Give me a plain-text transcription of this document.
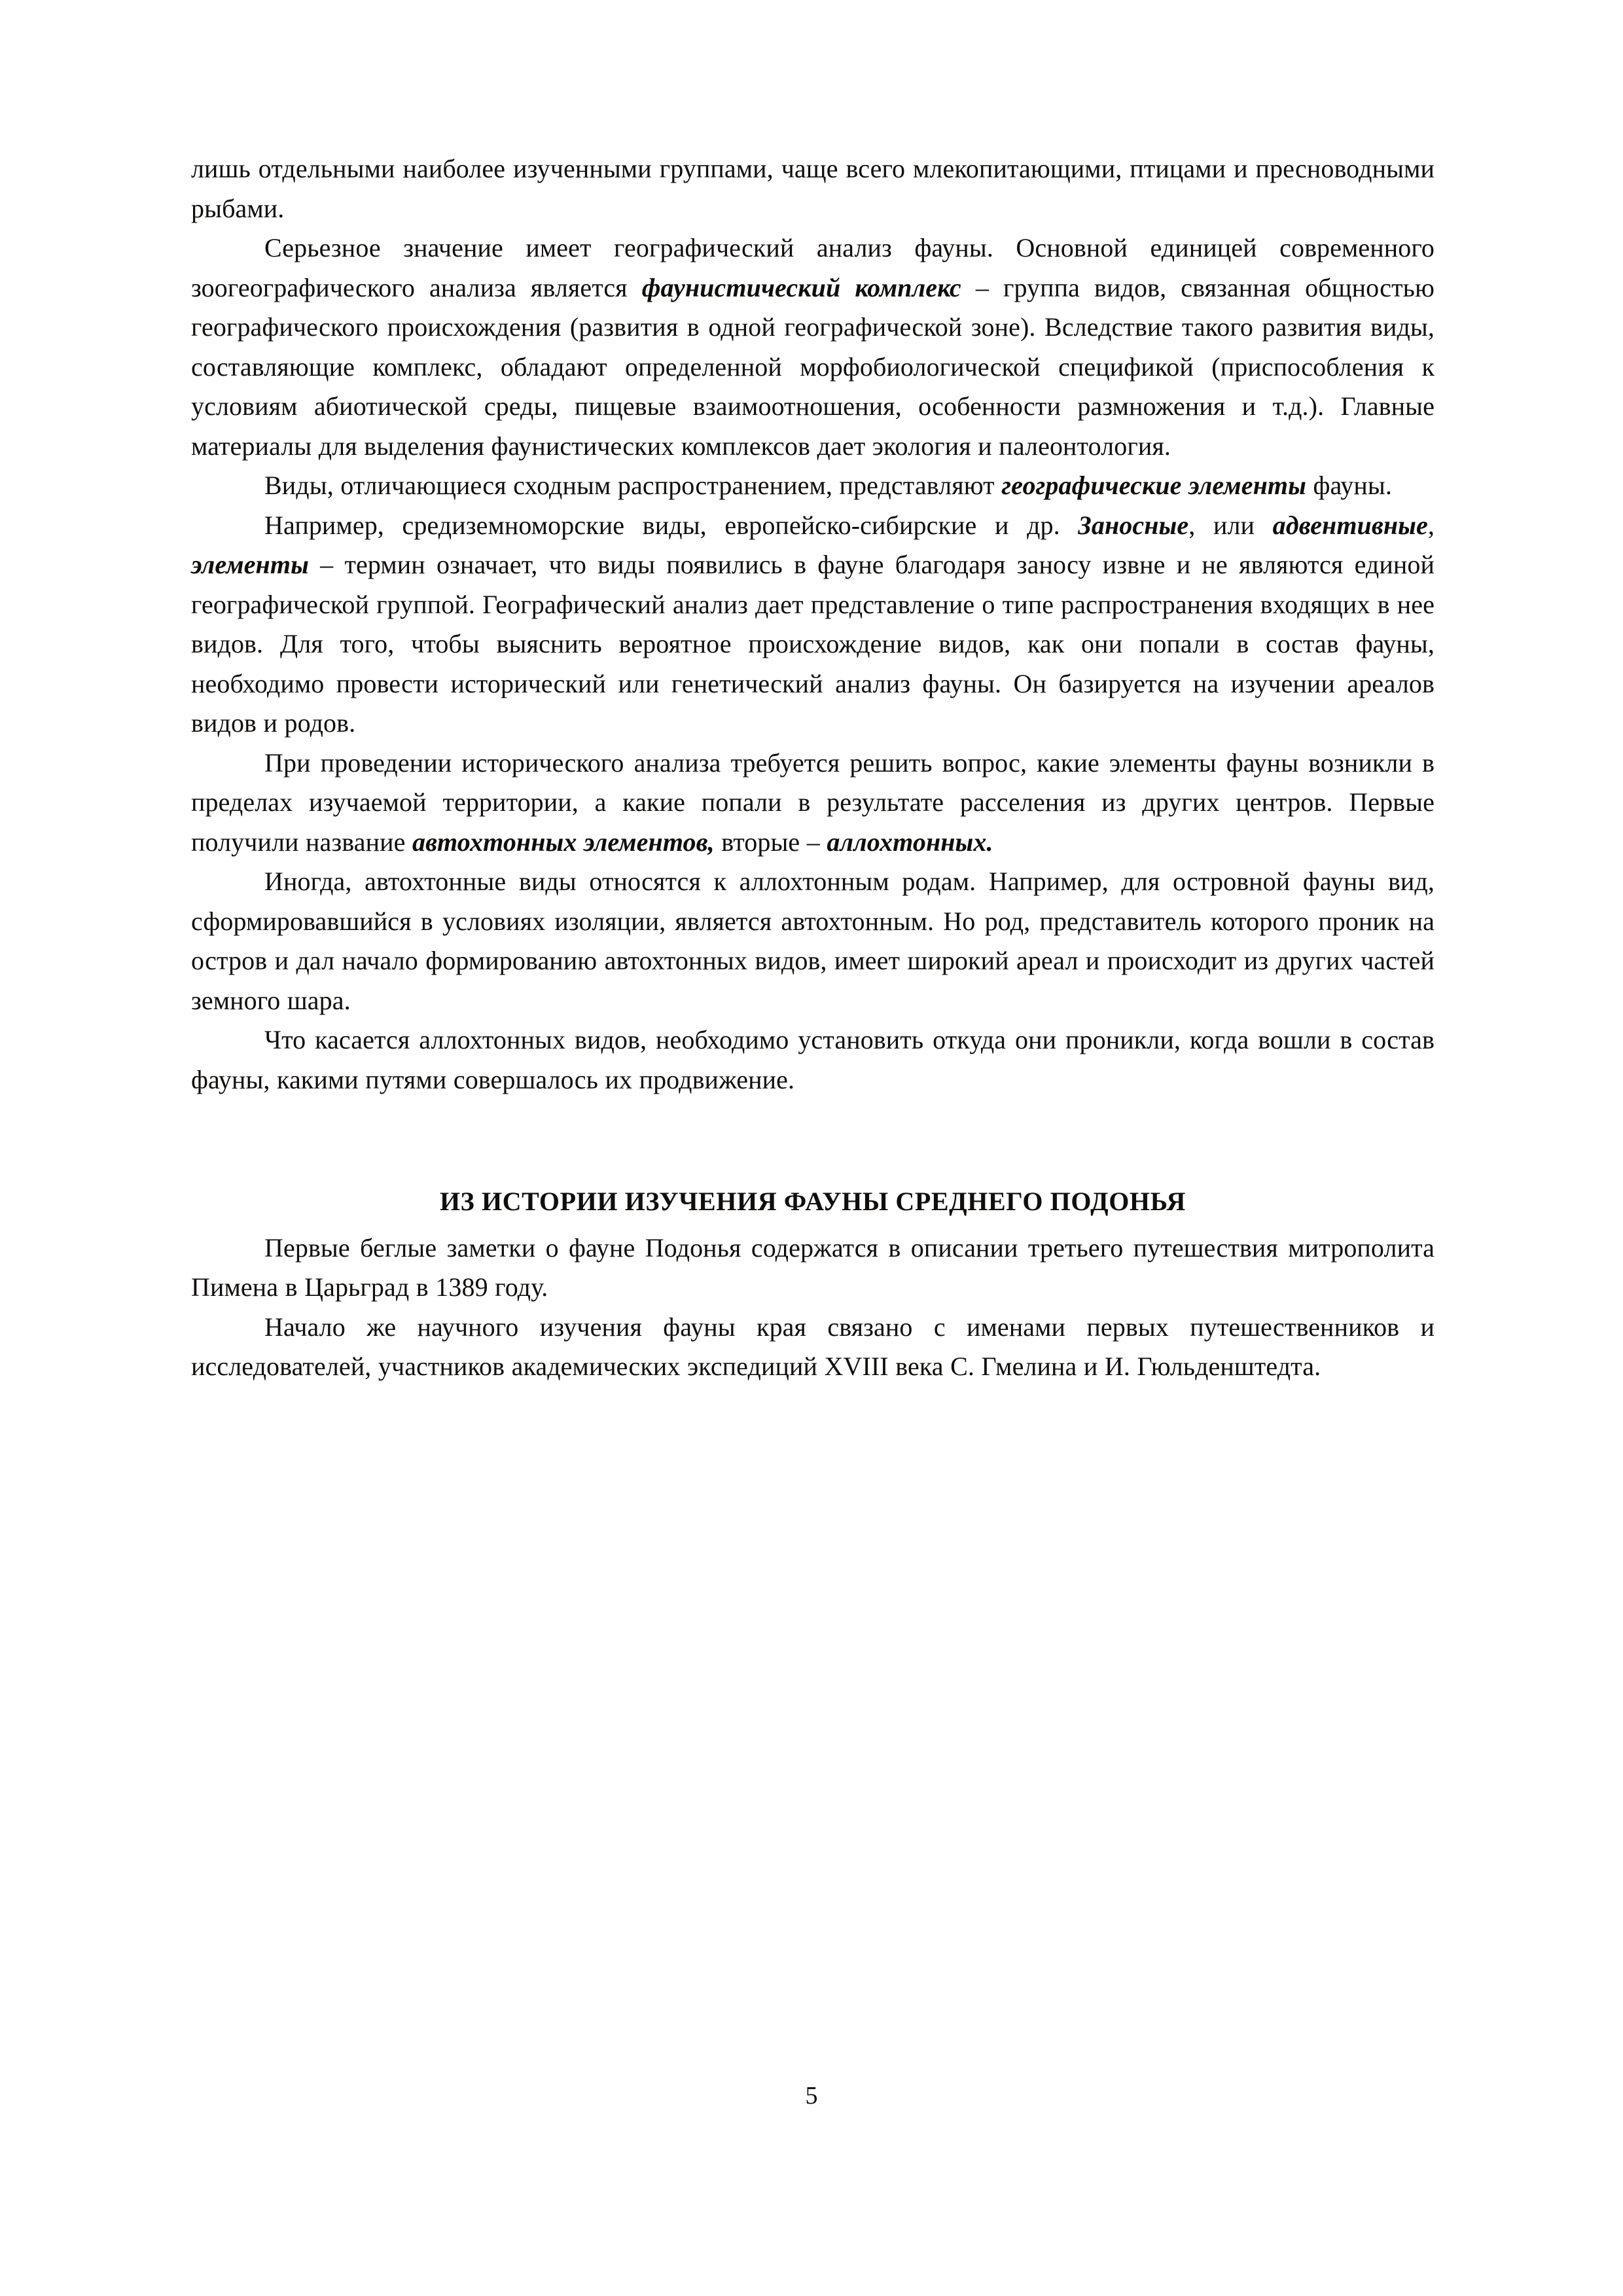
лишь отдельными наиболее изученными группами, чаще всего млекопитающими, птицами и пресноводными рыбами.

Серьезное значение имеет географический анализ фауны. Основной единицей современного зоогеографического анализа является фаунистический комплекс – группа видов, связанная общностью географического происхождения (развития в одной географической зоне). Вследствие такого развития виды, составляющие комплекс, обладают определенной морфобиологической спецификой (приспособления к условиям абиотической среды, пищевые взаимоотношения, особенности размножения и т.д.). Главные материалы для выделения фаунистических комплексов дает экология и палеонтология.

Виды, отличающиеся сходным распространением, представляют географические элементы фауны.

Например, средиземноморские виды, европейско-сибирские и др. Заносные, или адвентивные, элементы – термин означает, что виды появились в фауне благодаря заносу извне и не являются единой географической группой. Географический анализ дает представление о типе распространения входящих в нее видов. Для того, чтобы выяснить вероятное происхождение видов, как они попали в состав фауны, необходимо провести исторический или генетический анализ фауны. Он базируется на изучении ареалов видов и родов.

При проведении исторического анализа требуется решить вопрос, какие элементы фауны возникли в пределах изучаемой территории, а какие попали в результате расселения из других центров. Первые получили название автохтонных элементов, вторые – аллохтонных.

Иногда, автохтонные виды относятся к аллохтонным родам. Например, для островной фауны вид, сформировавшийся в условиях изоляции, является автохтонным. Но род, представитель которого проник на остров и дал начало формированию автохтонных видов, имеет широкий ареал и происходит из других частей земного шара.

Что касается аллохтонных видов, необходимо установить откуда они проникли, когда вошли в состав фауны, какими путями совершалось их продвижение.

ИЗ ИСТОРИИ ИЗУЧЕНИЯ ФАУНЫ СРЕДНЕГО ПОДОНЬЯ

Первые беглые заметки о фауне Подонья содержатся в описании третьего путешествия митрополита Пимена в Царьград в 1389 году.

Начало же научного изучения фауны края связано с именами первых путешественников и исследователей, участников академических экспедиций XVIII века С. Гмелина и И. Гюльденштедта.

5
